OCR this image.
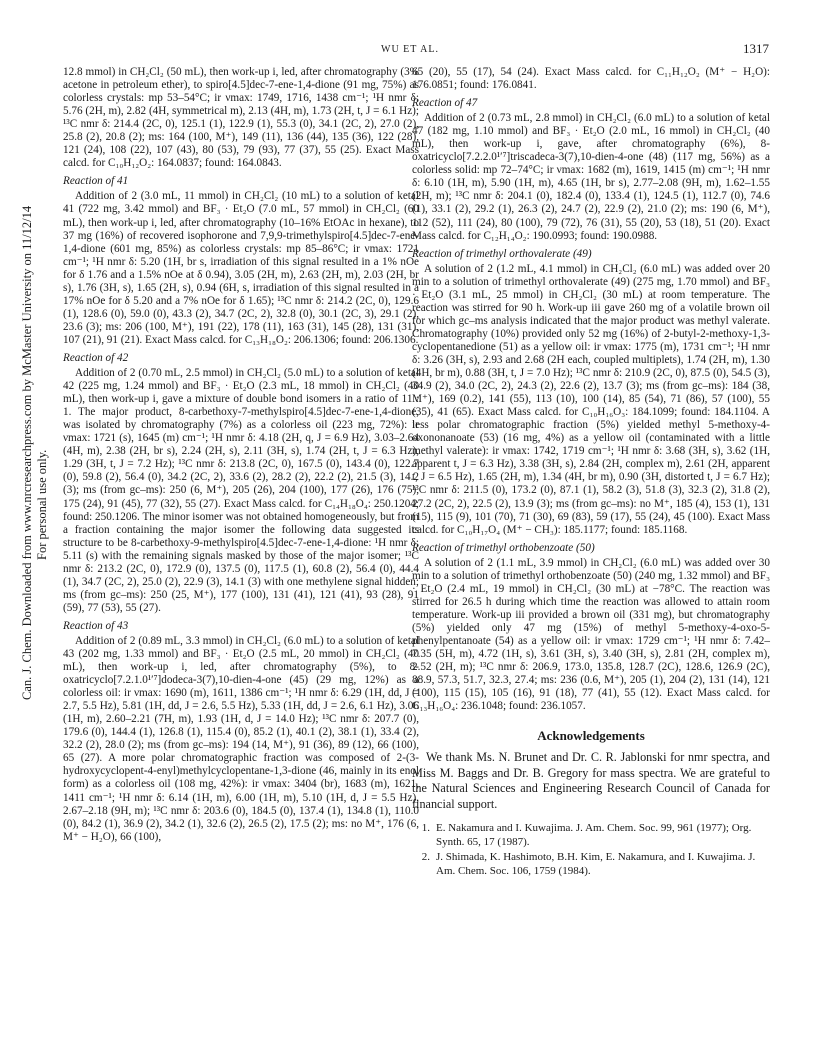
WU ET AL.	1317
Can. J. Chem. Downloaded from www.nrcresearchpress.com by McMaster University on 11/12/14 For personal use only.

12.8 mmol) in CH₂Cl₂ (50 mL), then work-up i, led, after chromatography (3% acetone in petroleum ether), to spiro[4.5]dec-7-ene-1,4-dione (91 mg, 75%) as colorless crystals: mp 53–54°C; ir νmax: 1749, 1716, 1438 cm⁻¹; ¹H nmr δ: 5.76 (2H, m), 2.82 (4H, symmetrical m), 2.13 (4H, m), 1.73 (2H, t, J = 6.1 Hz); ¹³C nmr δ: 214.4 (2C, 0), 125.1 (1), 122.9 (1), 55.3 (0), 34.1 (2C, 2), 27.0 (2), 25.8 (2), 20.8 (2); ms: 164 (100, M⁺), 149 (11), 136 (44), 135 (36), 122 (28), 121 (24), 108 (22), 107 (43), 80 (53), 79 (93), 77 (37), 55 (25). Exact Mass calcd. for C₁₀H₁₂O₂: 164.0837; found: 164.0843.

Reaction of 41

Addition of 2 (3.0 mL, 11 mmol) in CH₂Cl₂ (10 mL) to a solution of ketal 41 (722 mg, 3.42 mmol) and BF₃ · Et₂O (7.0 mL, 57 mmol) in CH₂Cl₂ (60 mL), then work-up i, led, after chromatography (10–16% EtOAc in hexane), to 37 mg (16%) of recovered isophorone and 7,9,9-trimethylspiro[4.5]dec-7-ene-1,4-dione (601 mg, 85%) as colorless crystals: mp 85–86°C; ir νmax: 1721 cm⁻¹; ¹H nmr δ: 5.20 (1H, br s, irradiation of this signal resulted in a 1% nOe for δ 1.76 and a 1.5% nOe at δ 0.94), 3.05 (2H, m), 2.63 (2H, m), 2.03 (2H, br s), 1.76 (3H, s), 1.65 (2H, s), 0.94 (6H, s, irradiation of this signal resulted in a 17% nOe for δ 5.20 and a 7% nOe for δ 1.65); ¹³C nmr δ: 214.2 (2C, 0), 129.6 (1), 128.6 (0), 59.0 (0), 43.3 (2), 34.7 (2C, 2), 32.8 (0), 30.1 (2C, 3), 29.1 (2), 23.6 (3); ms: 206 (100, M⁺), 191 (22), 178 (11), 163 (31), 145 (28), 131 (31), 107 (21), 91 (21). Exact Mass calcd. for C₁₃H₁₈O₂: 206.1306; found: 206.1306.

Reaction of 42

Addition of 2 (0.70 mL, 2.5 mmol) in CH₂Cl₂ (5.0 mL) to a solution of ketal 42 (225 mg, 1.24 mmol) and BF₃ · Et₂O (2.3 mL, 18 mmol) in CH₂Cl₂ (40 mL), then work-up i, gave a mixture of double bond isomers in a ratio of 11 : 1. The major product, 8-carbethoxy-7-methylspiro[4.5]dec-7-ene-1,4-dione, was isolated by chromatography (7%) as a colorless oil (223 mg, 72%): ir νmax: 1721 (s), 1645 (m) cm⁻¹; ¹H nmr δ: 4.18 (2H, q, J = 6.9 Hz), 3.03–2.64 (4H, m), 2.38 (2H, br s), 2.24 (2H, s), 2.11 (3H, s), 1.74 (2H, t, J = 6.3 Hz), 1.29 (3H, t, J = 7.2 Hz); ¹³C nmr δ: 213.8 (2C, 0), 167.5 (0), 143.4 (0), 122.7 (0), 59.8 (2), 56.4 (0), 34.2 (2C, 2), 33.6 (2), 28.2 (2), 22.2 (2), 21.5 (3), 14.2 (3); ms (from gc–ms): 250 (6, M⁺), 205 (26), 204 (100), 177 (26), 176 (75), 175 (24), 91 (45), 77 (32), 55 (27). Exact Mass calcd. for C₁₄H₁₈O₄: 250.1204; found: 250.1206. The minor isomer was not obtained homogeneously, but from a fraction containing the major isomer the following data suggested its structure to be 8-carbethoxy-9-methylspiro[4.5]dec-7-ene-1,4-dione: ¹H nmr δ: 5.11 (s) with the remaining signals masked by those of the major isomer; ¹³C nmr δ: 213.2 (2C, 0), 172.9 (0), 137.5 (0), 117.5 (1), 60.8 (2), 56.4 (0), 44.4 (1), 34.7 (2C, 2), 25.0 (2), 22.9 (3), 14.1 (3) with one methylene signal hidden; ms (from gc–ms): 250 (25, M⁺), 177 (100), 131 (41), 121 (41), 93 (28), 91 (59), 77 (53), 55 (27).

Reaction of 43

Addition of 2 (0.89 mL, 3.3 mmol) in CH₂Cl₂ (6.0 mL) to a solution of ketal 43 (202 mg, 1.33 mmol) and BF₃ · Et₂O (2.5 mL, 20 mmol) in CH₂Cl₂ (40 mL), then work-up i, led, after chromatography (5%), to 8-oxatricyclo[7.2.1.0¹′⁷]dodeca-3(7),10-dien-4-one (45) (29 mg, 12%) as a colorless oil: ir νmax: 1690 (m), 1611, 1386 cm⁻¹; ¹H nmr δ: 6.29 (1H, dd, J = 2.7, 5.5 Hz), 5.81 (1H, dd, J = 2.6, 5.5 Hz), 5.33 (1H, dd, J = 2.6, 6.1 Hz), 3.06 (1H, m), 2.60–2.21 (7H, m), 1.93 (1H, d, J = 14.0 Hz); ¹³C nmr δ: 207.7 (0), 179.6 (0), 144.4 (1), 126.8 (1), 115.4 (0), 85.2 (1), 40.1 (2), 38.1 (1), 33.4 (2), 32.2 (2), 28.0 (2); ms (from gc–ms): 194 (14, M⁺), 91 (36), 89 (12), 66 (100), 65 (27). A more polar chromatographic fraction was composed of 2-(3-hydroxycyclopent-4-enyl)methylcyclopentane-1,3-dione (46, mainly in its enol form) as a colorless oil (108 mg, 42%): ir νmax: 3404 (br), 1683 (m), 1621, 1411 cm⁻¹; ¹H nmr δ: 6.14 (1H, m), 6.00 (1H, m), 5.10 (1H, d, J = 5.5 Hz), 2.67–2.18 (9H, m); ¹³C nmr δ: 203.6 (0), 184.5 (0), 137.4 (1), 134.8 (1), 110.0 (0), 84.2 (1), 36.9 (2), 34.2 (1), 32.6 (2), 26.5 (2), 17.5 (2); ms: no M⁺, 176 (6, M⁺ − H₂O), 66 (100),

65 (20), 55 (17), 54 (24). Exact Mass calcd. for C₁₁H₁₂O₂ (M⁺ − H₂O): 176.0851; found: 176.0841.

Reaction of 47

Addition of 2 (0.73 mL, 2.8 mmol) in CH₂Cl₂ (6.0 mL) to a solution of ketal 47 (182 mg, 1.10 mmol) and BF₃ · Et₂O (2.0 mL, 16 mmol) in CH₂Cl₂ (40 mL), then work-up i, gave, after chromatography (6%), 8-oxatricyclo[7.2.2.0¹′⁷]triscadeca-3(7),10-dien-4-one (48) (117 mg, 56%) as a colorless solid: mp 72–74°C; ir νmax: 1682 (m), 1619, 1415 (m) cm⁻¹; ¹H nmr δ: 6.10 (1H, m), 5.90 (1H, m), 4.65 (1H, br s), 2.77–2.08 (9H, m), 1.62–1.55 (2H, m); ¹³C nmr δ: 204.1 (0), 182.4 (0), 133.4 (1), 124.5 (1), 112.7 (0), 74.6 (1), 33.1 (2), 29.2 (1), 26.3 (2), 24.7 (2), 22.9 (2), 21.0 (2); ms: 190 (6, M⁺), 112 (52), 111 (24), 80 (100), 79 (72), 76 (31), 55 (20), 53 (18), 51 (20). Exact Mass calcd. for C₁₂H₁₄O₂: 190.0993; found: 190.0988.

Reaction of trimethyl orthovalerate (49)

A solution of 2 (1.2 mL, 4.1 mmol) in CH₂Cl₂ (6.0 mL) was added over 20 min to a solution of trimethyl orthovalerate (49) (275 mg, 1.70 mmol) and BF₃ · Et₂O (3.1 mL, 25 mmol) in CH₂Cl₂ (30 mL) at room temperature. The reaction was stirred for 90 h. Work-up iii gave 260 mg of a volatile brown oil for which gc–ms analysis indicated that the major product was methyl valerate. Chromatography (10%) provided only 52 mg (16%) of 2-butyl-2-methoxy-1,3-cyclopentanedione (51) as a yellow oil: ir νmax: 1775 (m), 1731 cm⁻¹; ¹H nmr δ: 3.26 (3H, s), 2.93 and 2.68 (2H each, coupled multiplets), 1.74 (2H, m), 1.30 (4H, br m), 0.88 (3H, t, J = 7.0 Hz); ¹³C nmr δ: 210.9 (2C, 0), 87.5 (0), 54.5 (3), 34.9 (2), 34.0 (2C, 2), 24.3 (2), 22.6 (2), 13.7 (3); ms (from gc–ms): 184 (38, M⁺), 169 (0.2), 141 (55), 113 (10), 100 (14), 85 (54), 71 (86), 57 (100), 55 (35), 41 (65). Exact Mass calcd. for C₁₀H₁₆O₃: 184.1099; found: 184.1104. A less polar chromatographic fraction (5%) yielded methyl 5-methoxy-4-oxononanoate (53) (16 mg, 4%) as a yellow oil (contaminated with a little methyl valerate): ir νmax: 1742, 1719 cm⁻¹; ¹H nmr δ: 3.68 (3H, s), 3.62 (1H, apparent t, J = 6.3 Hz), 3.38 (3H, s), 2.84 (2H, complex m), 2.61 (2H, apparent t, J = 6.5 Hz), 1.65 (2H, m), 1.34 (4H, br m), 0.90 (3H, distorted t, J = 6.7 Hz); ¹³C nmr δ: 211.5 (0), 173.2 (0), 87.1 (1), 58.2 (3), 51.8 (3), 32.3 (2), 31.8 (2), 27.2 (2C, 2), 22.5 (2), 13.9 (3); ms (from gc–ms): no M⁺, 185 (4), 153 (1), 131 (15), 115 (9), 101 (70), 71 (30), 69 (83), 59 (17), 55 (24), 45 (100). Exact Mass calcd. for C₁₀H₁₇O₄ (M⁺ − CH₃): 185.1177; found: 185.1168.

Reaction of trimethyl orthobenzoate (50)

A solution of 2 (1.1 mL, 3.9 mmol) in CH₂Cl₂ (6.0 mL) was added over 30 min to a solution of trimethyl orthobenzoate (50) (240 mg, 1.32 mmol) and BF₃ · Et₂O (2.4 mL, 19 mmol) in CH₂Cl₂ (30 mL) at −78°C. The reaction was stirred for 26.5 h during which time the reaction was allowed to attain room temperature. Work-up iii provided a brown oil (331 mg), but chromatography (5%) yielded only 47 mg (15%) of methyl 5-methoxy-4-oxo-5-phenylpentanoate (54) as a yellow oil: ir νmax: 1729 cm⁻¹; ¹H nmr δ: 7.42–7.35 (5H, m), 4.72 (1H, s), 3.61 (3H, s), 3.40 (3H, s), 2.81 (2H, complex m), 2.52 (2H, m); ¹³C nmr δ: 206.9, 173.0, 135.8, 128.7 (2C), 128.6, 126.9 (2C), 88.9, 57.3, 51.7, 32.3, 27.4; ms: 236 (0.6, M⁺), 205 (1), 204 (2), 131 (14), 121 (100), 115 (15), 105 (16), 91 (18), 77 (41), 55 (12). Exact Mass calcd. for C₁₃H₁₆O₄: 236.1048; found: 236.1057.

Acknowledgements

We thank Ms. N. Brunet and Dr. C. R. Jablonski for nmr spectra, and Miss M. Baggs and Dr. B. Gregory for mass spectra. We are grateful to the Natural Sciences and Engineering Research Council of Canada for financial support.

1. E. Nakamura and I. Kuwajima. J. Am. Chem. Soc. 99, 961 (1977); Org. Synth. 65, 17 (1987).
2. J. Shimada, K. Hashimoto, B.H. Kim, E. Nakamura, and I. Kuwajima. J. Am. Chem. Soc. 106, 1759 (1984).
